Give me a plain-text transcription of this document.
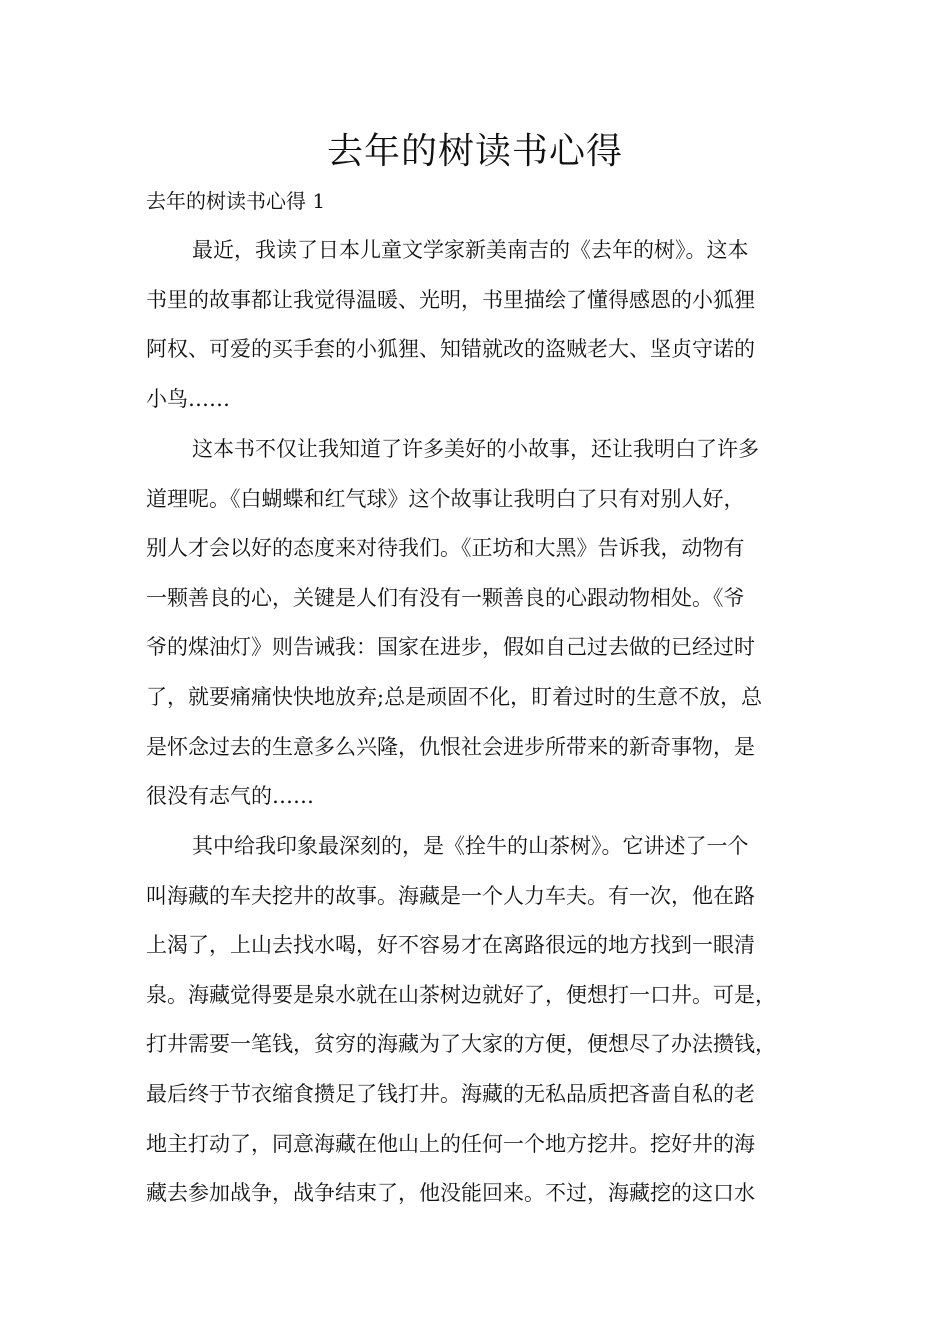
去年的树读书心得
去年的树读书心得 1

最近，我读了日本儿童文学家新美南吉的《去年的树》。这本
书里的故事都让我觉得温暖、光明，书里描绘了懂得感恩的小狐狸
阿权、可爱的买手套的小狐狸、知错就改的盗贼老大、坚贞守诺的
小鸟……

这本书不仅让我知道了许多美好的小故事，还让我明白了许多
道理呢。《白蝴蝶和红气球》这个故事让我明白了只有对别人好，
别人才会以好的态度来对待我们。《正坊和大黑》告诉我，动物有
一颗善良的心，关键是人们有没有一颗善良的心跟动物相处。《爷
爷的煤油灯》则告诫我：国家在进步，假如自己过去做的已经过时
了，就要痛痛快快地放弃;总是顽固不化，盯着过时的生意不放，总
是怀念过去的生意多么兴隆，仇恨社会进步所带来的新奇事物，是
很没有志气的……

其中给我印象最深刻的，是《拴牛的山茶树》。它讲述了一个
叫海藏的车夫挖井的故事。海藏是一个人力车夫。有一次，他在路
上渴了，上山去找水喝，好不容易才在离路很远的地方找到一眼清
泉。海藏觉得要是泉水就在山茶树边就好了，便想打一口井。可是，
打井需要一笔钱，贫穷的海藏为了大家的方便，便想尽了办法攒钱，
最后终于节衣缩食攒足了钱打井。海藏的无私品质把吝啬自私的老
地主打动了，同意海藏在他山上的任何一个地方挖井。挖好井的海
藏去参加战争，战争结束了，他没能回来。不过，海藏挖的这口水
